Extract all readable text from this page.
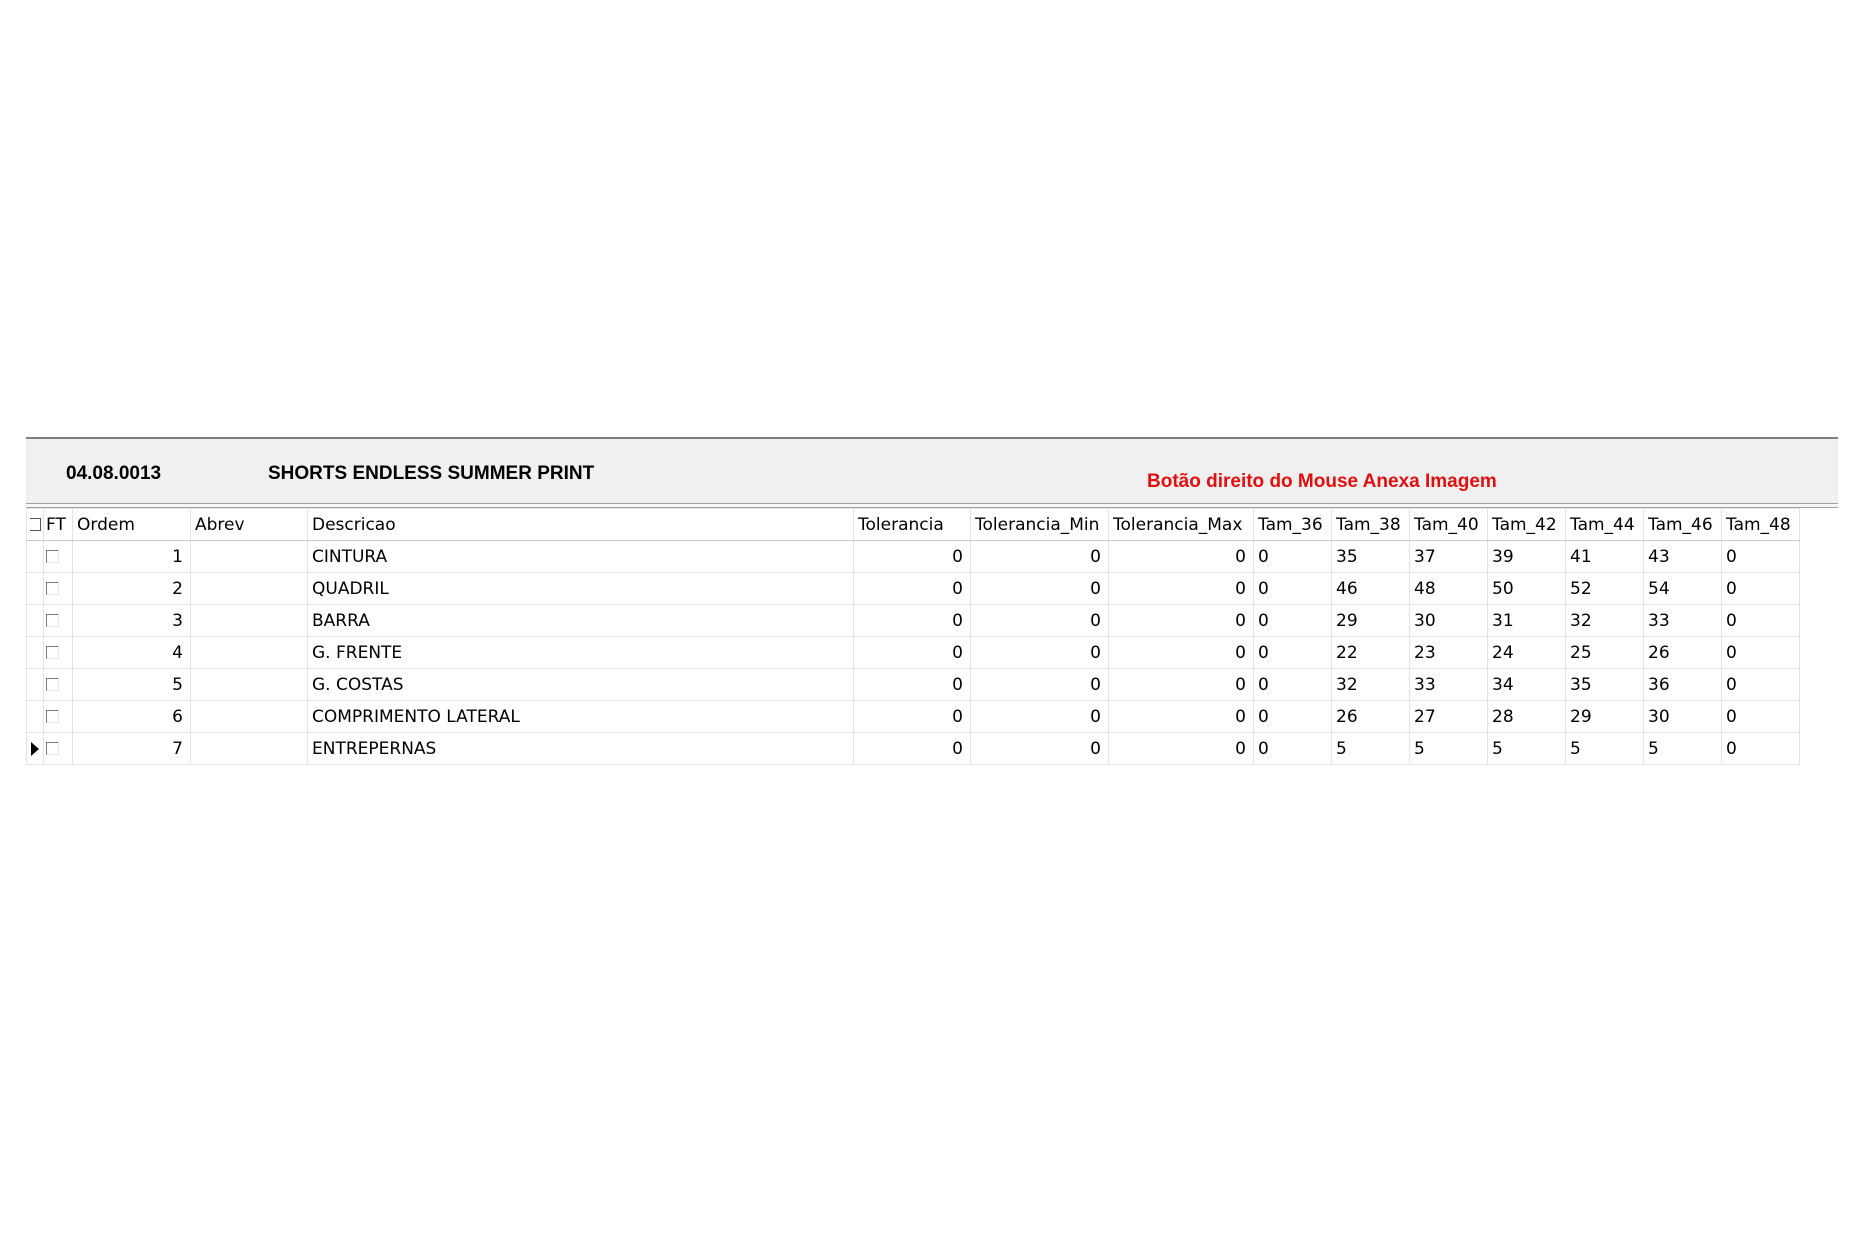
04.08.0013	SHORTS ENDLESS SUMMER PRINT	Botão direito do Mouse Anexa Imagem
	FT	Ordem	Abrev	Descricao	Tolerancia	Tolerancia_Min	Tolerancia_Max	Tam_36	Tam_38	Tam_40	Tam_42	Tam_44	Tam_46	Tam_48
		1		CINTURA	0	0	0	0	35	37	39	41	43	0
		2		QUADRIL	0	0	0	0	46	48	50	52	54	0
		3		BARRA	0	0	0	0	29	30	31	32	33	0
		4		G. FRENTE	0	0	0	0	22	23	24	25	26	0
		5		G. COSTAS	0	0	0	0	32	33	34	35	36	0
		6		COMPRIMENTO LATERAL	0	0	0	0	26	27	28	29	30	0
		7		ENTREPERNAS	0	0	0	0	5	5	5	5	5	0
